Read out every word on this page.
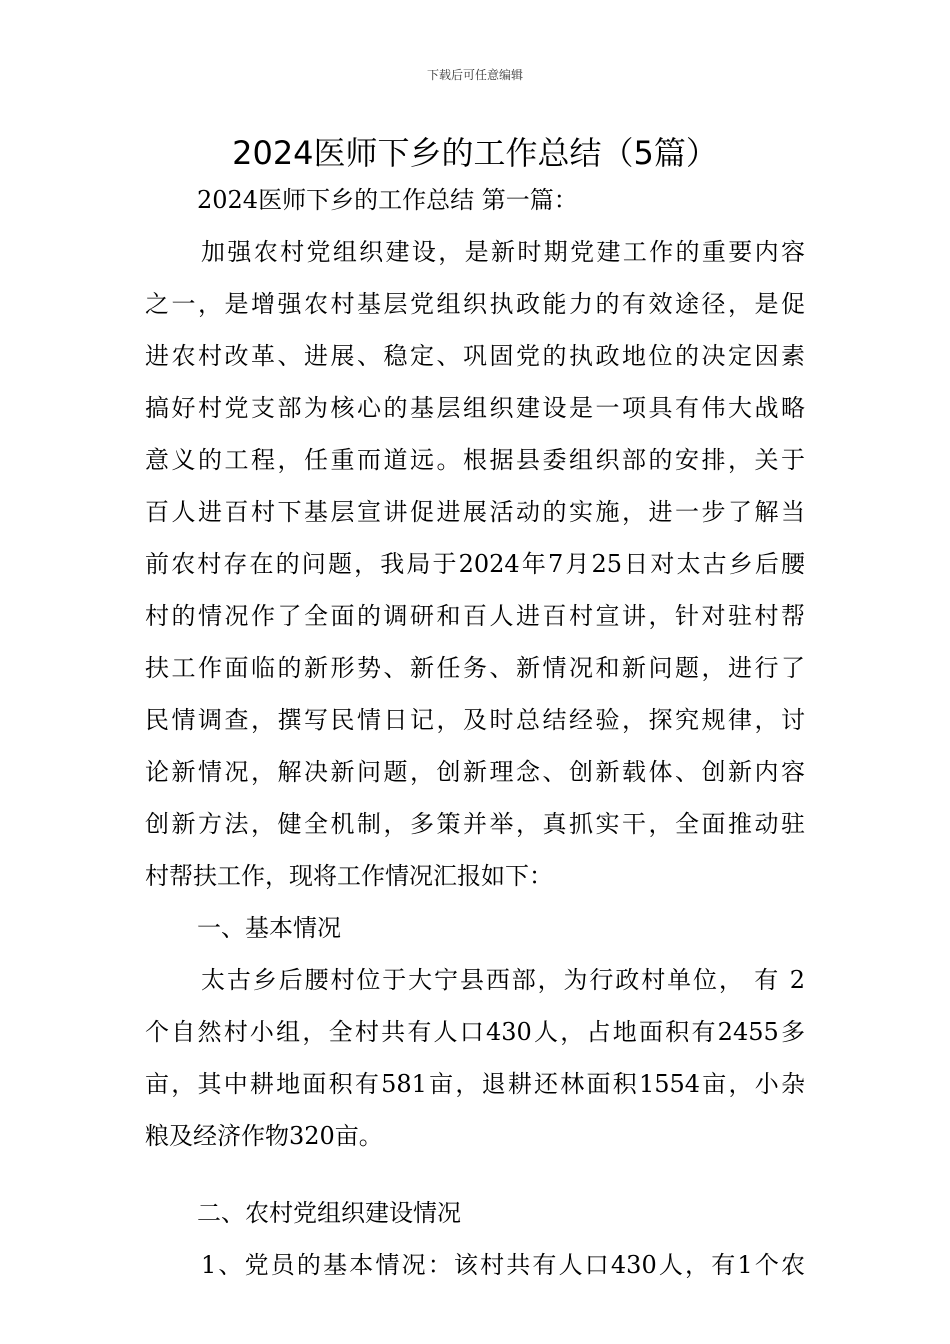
下载后可任意编辑
2024医师下乡的工作总结（5篇）
2024医师下乡的工作总结 第一篇：
加强农村党组织建设，是新时期党建工作的重要内容
之一，是增强农村基层党组织执政能力的有效途径，是促
进农村改革、进展、稳定、巩固党的执政地位的决定因素
搞好村党支部为核心的基层组织建设是一项具有伟大战略
意义的工程，任重而道远。根据县委组织部的安排，关于
百人进百村下基层宣讲促进展活动的实施，进一步了解当
前农村存在的问题，我局于2024年7月25日对太古乡后腰
村的情况作了全面的调研和百人进百村宣讲，针对驻村帮
扶工作面临的新形势、新任务、新情况和新问题，进行了
民情调查，撰写民情日记，及时总结经验，探究规律，讨
论新情况，解决新问题，创新理念、创新载体、创新内容
创新方法，健全机制，多策并举，真抓实干，全面推动驻
村帮扶工作，现将工作情况汇报如下：
一、基本情况
太古乡后腰村位于大宁县西部，为行政村单位， 有 2
个自然村小组，全村共有人口430人，占地面积有2455多
亩，其中耕地面积有581亩，退耕还林面积1554亩，小杂
粮及经济作物320亩。
二、农村党组织建设情况
1、党员的基本情况：该村共有人口430人，有1个农
